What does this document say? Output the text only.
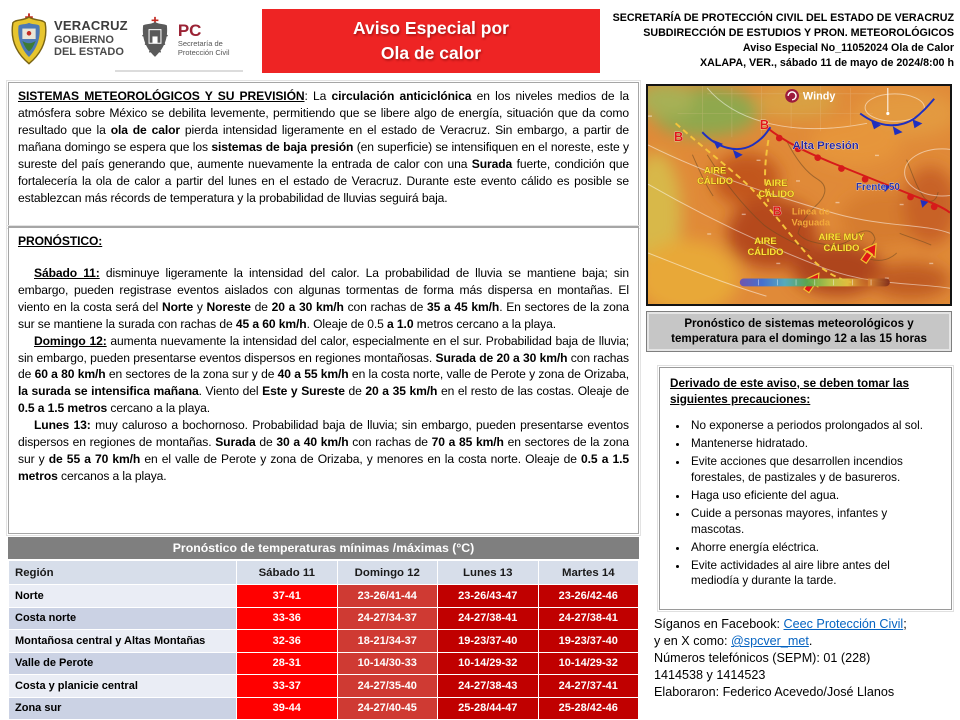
VERACRUZ
GOBIERNO
DEL ESTADO
PC
Secretaría de
Protección Civil
Aviso Especial por
Ola de calor
SECRETARÍA DE PROTECCIÓN CIVIL DEL ESTADO DE VERACRUZ
SUBDIRECCIÓN DE ESTUDIOS Y PRON. METEOROLÓGICOS
Aviso Especial No_11052024 Ola de Calor
XALAPA, VER., sábado 11 de mayo de 2024/8:00 h
SISTEMAS METEOROLÓGICOS Y SU PREVISIÓN: La circulación anticiclónica en los niveles medios de la atmósfera sobre México se debilita levemente, permitiendo que se libere algo de energía, situación que da como resultado que la ola de calor pierda intensidad ligeramente en el estado de Veracruz. Sin embargo, a partir de mañana domingo se espera que los sistemas de baja presión (en superficie) se intensifiquen en el noreste, este y sureste del país generando que, aumente nuevamente la entrada de calor con una Surada fuerte, condición que fortalecería la ola de calor a partir del lunes en el estado de Veracruz. Durante este evento cálido es posible se establezcan más récords de temperatura y la probabilidad de lluvias seguirá baja.
PRONÓSTICO:

Sábado 11: disminuye ligeramente la intensidad del calor. La probabilidad de lluvia se mantiene baja; sin embargo, pueden registrase eventos aislados con algunas tormentas de forma más dispersa en montañas. El viento en la costa será del Norte y Noreste de 20 a 30 km/h con rachas de 35 a 45 km/h. En sectores de la zona sur se mantiene la surada con rachas de 45 a 60 km/h. Oleaje de 0.5 a 1.0 metros cercano a la playa.

Domingo 12: aumenta nuevamente la intensidad del calor, especialmente en el sur. Probabilidad baja de lluvia; sin embargo, pueden presentarse eventos dispersos en regiones montañosas. Surada de 20 a 30 km/h con rachas de 60 a 80 km/h en sectores de la zona sur y de 40 a 55 km/h en la costa norte, valle de Perote y zona de Orizaba, la surada se intensifica mañana. Viento del Este y Sureste de 20 a 35 km/h en el resto de las costas. Oleaje de 0.5 a 1.5 metros cercano a la playa.

Lunes 13: muy caluroso a bochornoso. Probabilidad baja de lluvia; sin embargo, pueden presentarse eventos dispersos en regiones de montañas. Surada de 30 a 40 km/h con rachas de 70 a 85 km/h en sectores de la zona sur y de 55 a 70 km/h en el valle de Perote y zona de Orizaba, y menores en la costa norte. Oleaje de 0.5 a 1.5 metros cercanos a la playa.

Pronóstico de temperaturas mínimas /máximas (°C)
Región	Sábado 11	Domingo 12	Lunes 13	Martes 14
Norte	37-41	23-26/41-44	23-26/43-47	23-26/42-46
Costa norte	33-36	24-27/34-37	24-27/38-41	24-27/38-41
Montañosa central y Altas Montañas	32-36	18-21/34-37	19-23/37-40	19-23/37-40
Valle de Perote	28-31	10-14/30-33	10-14/29-32	10-14/29-32
Costa y planicie central	33-37	24-27/35-40	24-27/38-43	24-27/37-41
Zona sur	39-44	24-27/40-45	25-28/44-47	25-28/42-46
B
B
B
Alta Presión
Frente 50
AIRE
CÁLIDO	AIRE
CÁLIDO
AIRE
CÁLIDO
AIRE MUY
CÁLIDO
Línea de
Vaguada
Windy
Pronóstico de sistemas meteorológicos y temperatura para el domingo 12 a las 15 horas
Derivado de este aviso, se deben tomar las siguientes precauciones:
• No exponerse a periodos prolongados al sol.
• Mantenerse hidratado.
• Evite acciones que desarrollen incendios forestales, de pastizales y de basureros.
• Haga uso eficiente del agua.
• Cuide a personas mayores, infantes y mascotas.
• Ahorre energía eléctrica.
• Evite actividades al aire libre antes del mediodía y durante la tarde.
Síganos en Facebook: Ceec Protección Civil;
y en X como: @spcver_met.
Números telefónicos (SEPM): 01 (228)
1414538 y 1414523
Elaboraron: Federico Acevedo/José Llanos
